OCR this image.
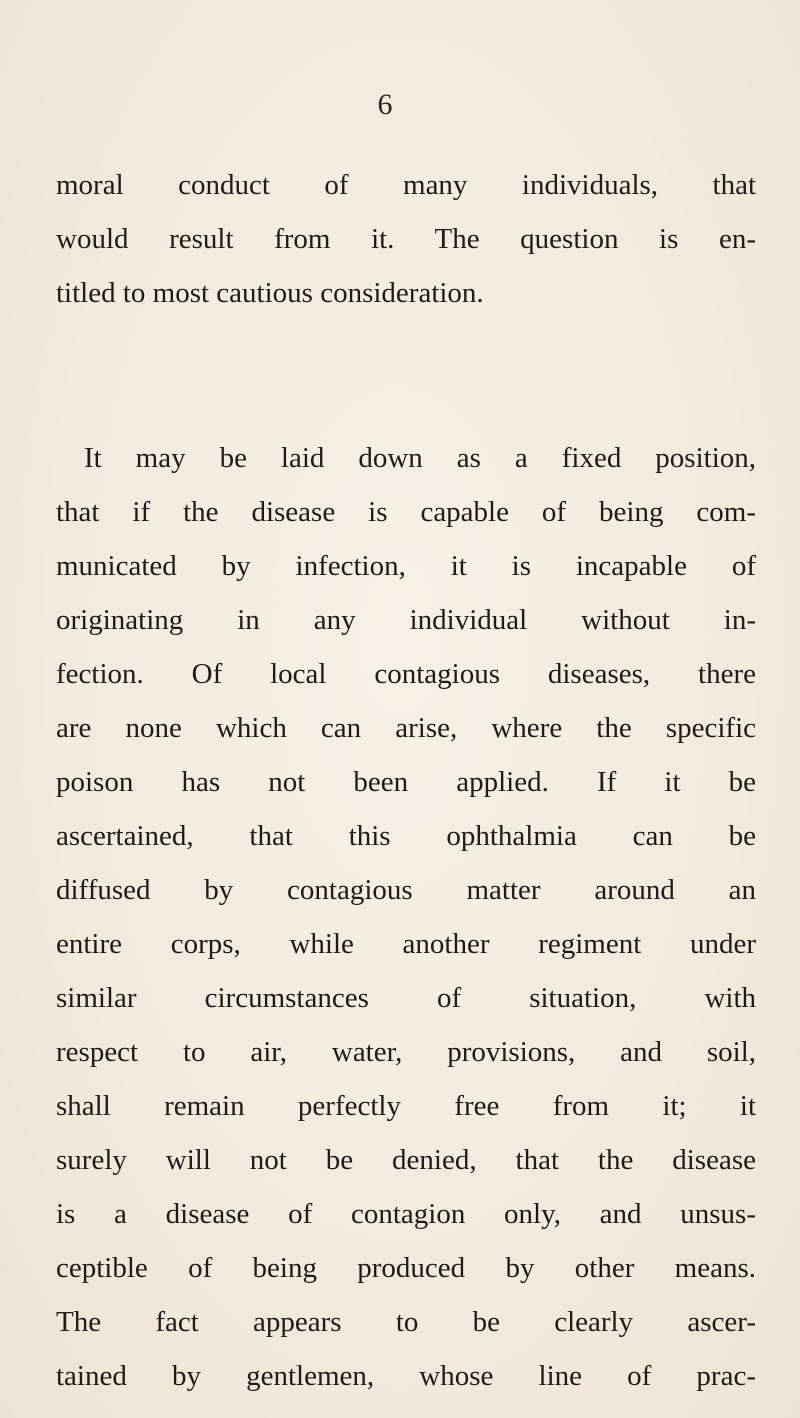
6
moral conduct of many individuals, that
would result from it. The question is en-
titled to most cautious consideration.
It may be laid down as a fixed position,
that if the disease is capable of being com-
municated by infection, it is incapable of
originating in any individual without in-
fection. Of local contagious diseases, there
are none which can arise, where the specific
poison has not been applied. If it be
ascertained, that this ophthalmia can be
diffused by contagious matter around an
entire corps, while another regiment under
similar circumstances of situation, with
respect to air, water, provisions, and soil,
shall remain perfectly free from it; it
surely will not be denied, that the disease
is a disease of contagion only, and unsus-
ceptible of being produced by other means.
The fact appears to be clearly ascer-
tained by gentlemen, whose line of prac-
